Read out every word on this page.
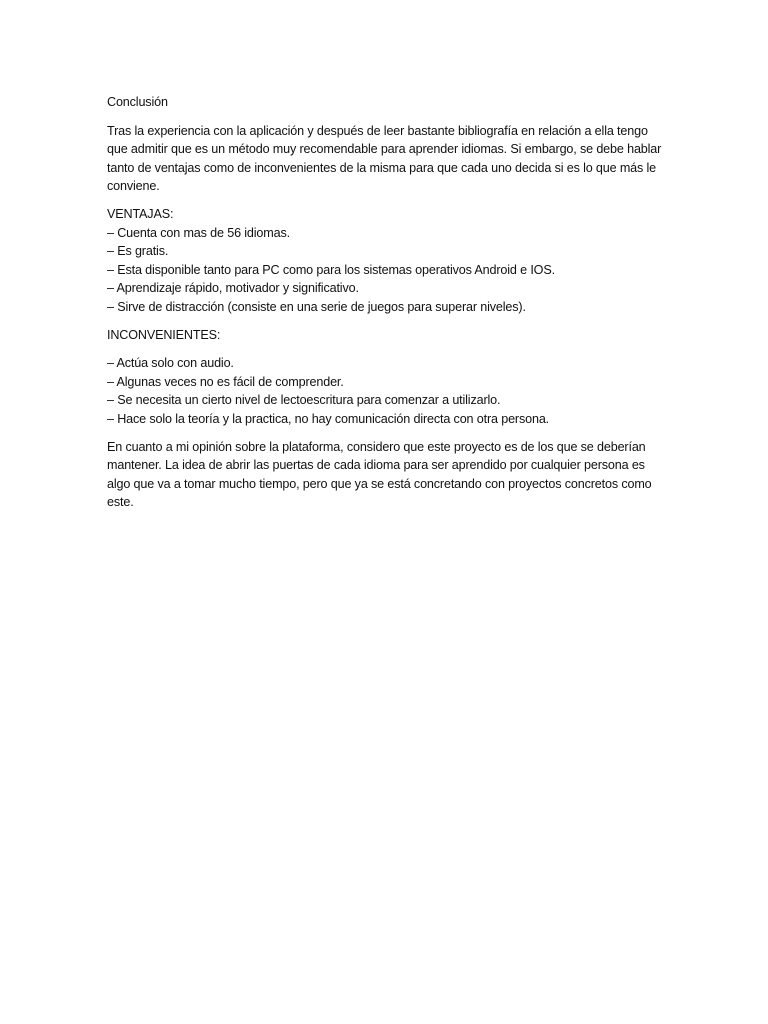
Conclusión

Tras la experiencia con la aplicación y después de leer bastante bibliografía en relación a ella tengo que admitir que es un método muy recomendable para aprender idiomas. Si embargo, se debe hablar tanto de ventajas como de inconvenientes de la misma para que cada uno decida si es lo que más le conviene.

VENTAJAS:

– Cuenta con mas de 56 idiomas.
– Es gratis.
– Esta disponible tanto para PC como para los sistemas operativos Android e IOS.
– Aprendizaje rápido, motivador y significativo.
– Sirve de distracción (consiste en una serie de juegos para superar niveles).

INCONVENIENTES:

– Actúa solo con audio.
– Algunas veces no es fácil de comprender.
– Se necesita un cierto nivel de lectoescritura para comenzar a utilizarlo.
– Hace solo la teoría y la practica, no hay comunicación directa con otra persona.

En cuanto a mi opinión sobre la plataforma, considero que este proyecto es de los que se deberían mantener. La idea de abrir las puertas de cada idioma para ser aprendido por cualquier persona es algo que va a tomar mucho tiempo, pero que ya se está concretando con proyectos concretos como este.
